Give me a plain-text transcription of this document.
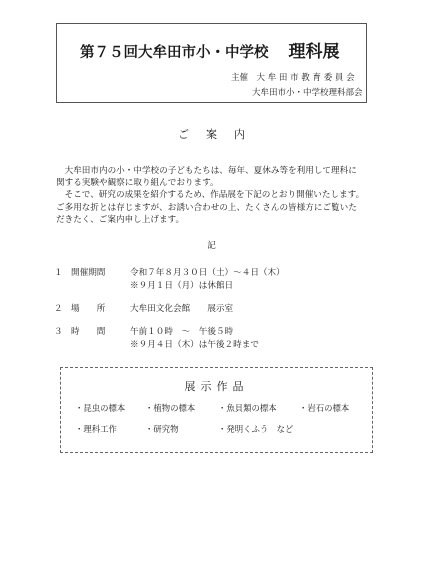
第７５回大牟田市小・中学校 理科展
主催　大 牟 田 市 教 育 委 員 会
大牟田市小・中学校理科部会
ご案内

　大牟田市内の小・中学校の子どもたちは、毎年、夏休み等を利用して理科に

関する実験や観察に取り組んでおります。

　そこで、研究の成果を紹介するため、作品展を下記のとおり開催いたします。

ご多用な折とは存じますが、お誘い合わせの上、たくさんの皆様方にご覧いた

だきたく、ご案内申し上げます。

記
１ 開催期間	令和７年８月３０日（土）～４日（木）
※９月１日（月）は休館日
２ 場　　所	大牟田文化会館　　展示室
３ 時　　間	午前１０時　～　午後５時
※９月４日（木）は午後２時まで
展示作品
・昆虫の標本 ・植物の標本	・魚貝類の標本	・岩石の標本
・理科工作	・研究物	・発明くふう　など
